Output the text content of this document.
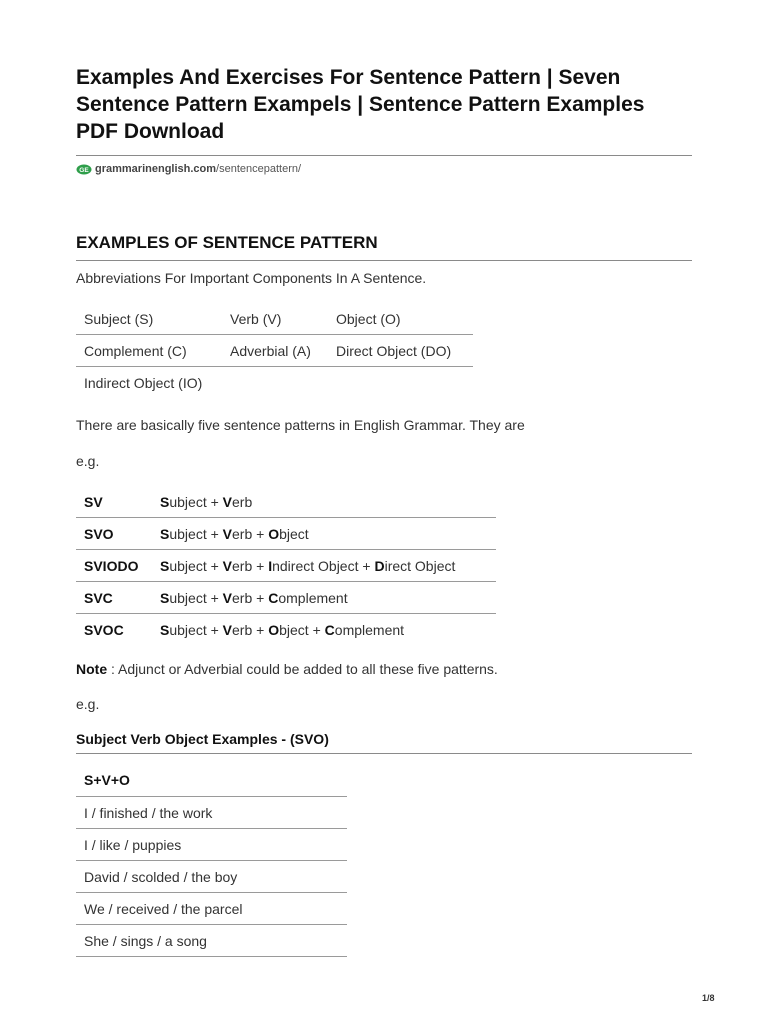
Examples And Exercises For Sentence Pattern | Seven Sentence Pattern Exampels | Sentence Pattern Examples PDF Download
GE grammarinenglish.com /sentencepattern/
EXAMPLES OF SENTENCE PATTERN
Abbreviations For Important Components In A Sentence.
Subject (S)	Verb (V)	Object (O)
Complement (C)	Adverbial (A)	Direct Object (DO)
Indirect Object (IO)		
There are basically five sentence patterns in English Grammar. They are
e.g.
SV	Subject + Verb
SVO	Subject + Verb + Object
SVIODO	Subject + Verb + Indirect Object + Direct Object
SVC	Subject + Verb + Complement
SVOC	Subject + Verb + Object + Complement
Note : Adjunct or Adverbial could be added to all these five patterns.
e.g.
Subject Verb Object Examples - (SVO)
S+V+O
I / finished / the work
I / like / puppies
David / scolded / the boy
We / received / the parcel
She / sings / a song
1/8
